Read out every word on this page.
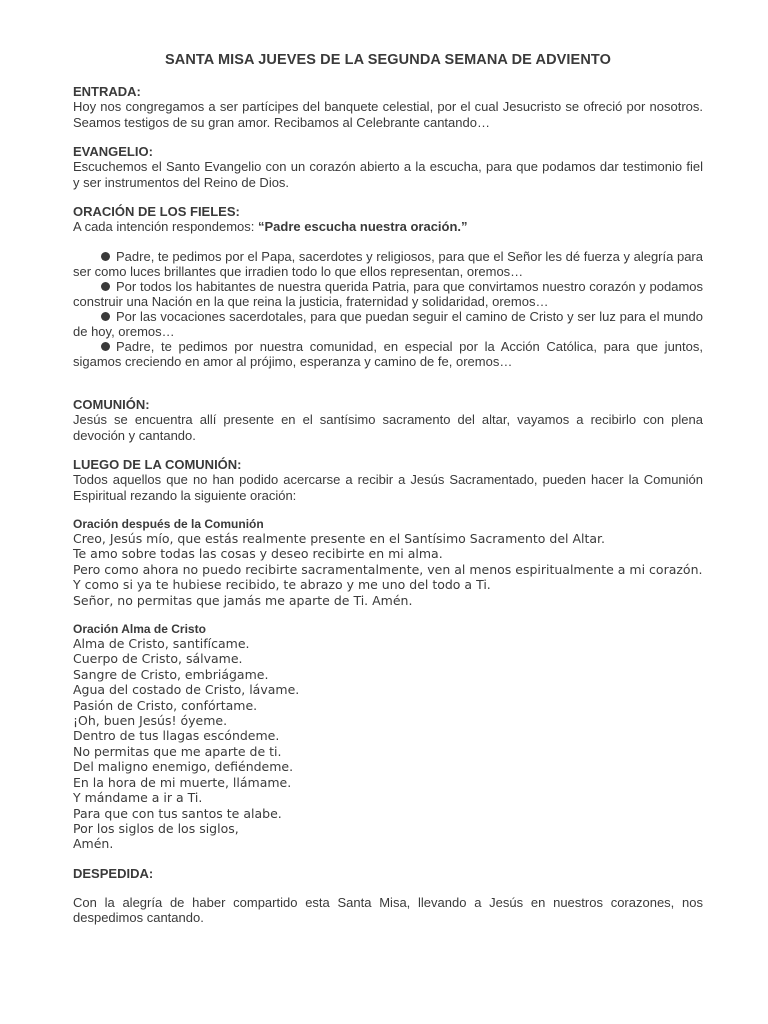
SANTA MISA JUEVES DE LA SEGUNDA SEMANA DE ADVIENTO
ENTRADA:
Hoy nos congregamos a ser partícipes del banquete celestial, por el cual Jesucristo se ofreció por nosotros. Seamos testigos de su gran amor. Recibamos al Celebrante cantando…
EVANGELIO:
Escuchemos el Santo Evangelio con un corazón abierto a la escucha, para que podamos dar testimonio fiel y ser instrumentos del Reino de Dios.
ORACIÓN DE LOS FIELES:
A cada intención respondemos: “Padre escucha nuestra oración.”
Padre, te pedimos por el Papa, sacerdotes y religiosos, para que el Señor les dé fuerza y alegría para ser como luces brillantes que irradien todo lo que ellos representan, oremos…
Por todos los habitantes de nuestra querida Patria, para que convirtamos nuestro corazón y podamos construir una Nación en la que reina la justicia, fraternidad y solidaridad, oremos…
Por las vocaciones sacerdotales, para que puedan seguir el camino de Cristo y ser luz para el mundo de hoy, oremos…
Padre, te pedimos por nuestra comunidad, en especial por la Acción Católica, para que juntos, sigamos creciendo en amor al prójimo, esperanza y camino de fe, oremos…
COMUNIÓN:
Jesús se encuentra allí presente en el santísimo sacramento del altar, vayamos a recibirlo con plena devoción y cantando.
LUEGO DE LA COMUNIÓN:
Todos aquellos que no han podido acercarse a recibir a Jesús Sacramentado, pueden hacer la Comunión Espiritual rezando la siguiente oración:
Oración después de la Comunión
Creo, Jesús mío, que estás realmente presente en el Santísimo Sacramento del Altar.
Te amo sobre todas las cosas y deseo recibirte en mi alma.
Pero como ahora no puedo recibirte sacramentalmente, ven al menos espiritualmente a mi corazón.
Y como si ya te hubiese recibido, te abrazo y me uno del todo a Ti.
Señor, no permitas que jamás me aparte de Ti. Amén.
Oración Alma de Cristo
Alma de Cristo, santifícame.
Cuerpo de Cristo, sálvame.
Sangre de Cristo, embriágame.
Agua del costado de Cristo, lávame.
Pasión de Cristo, confórtame.
¡Oh, buen Jesús! óyeme.
Dentro de tus llagas escóndeme.
No permitas que me aparte de ti.
Del maligno enemigo, defiéndeme.
En la hora de mi muerte, llámame.
Y mándame a ir a Ti.
Para que con tus santos te alabe.
Por los siglos de los siglos,
Amén.
DESPEDIDA:
Con la alegría de haber compartido esta Santa Misa, llevando a Jesús en nuestros corazones, nos despedimos cantando.
